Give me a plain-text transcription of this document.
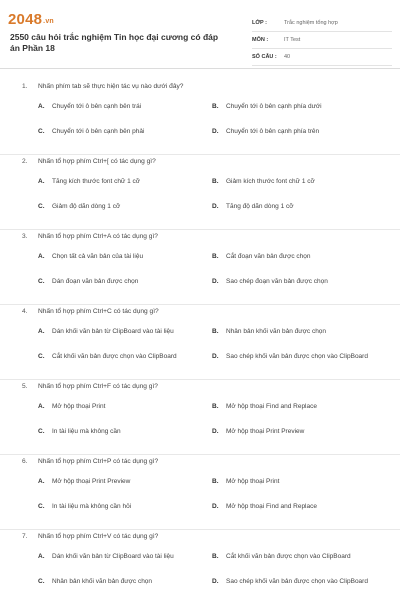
2048.vn
2550 câu hỏi trắc nghiệm Tin học đại cương có đáp án Phần 18
LỚP :	Trắc nghiệm tổng hợp
MÔN :	IT Test
SỐ CÂU :	40
1. Nhấn phím tab sẽ thực hiện tác vụ nào dưới đây?
A.	Chuyển tới ô bên cạnh bên trái	B.	Chuyển tới ô bên cạnh phía dưới
C.	Chuyển tới ô bên cạnh bên phải	D.	Chuyển tới ô bên cạnh phía trên
2. Nhấn tổ hợp phím Ctrl+[ có tác dụng gì?
A.	Tăng kích thước font chữ 1 cỡ	B.	Giảm kích thước font chữ 1 cỡ
C.	Giảm độ dãn dòng 1 cỡ	D.	Tăng độ dãn dòng 1 cỡ
3. Nhấn tổ hợp phím Ctrl+A có tác dụng gì?
A.	Chọn tất cả văn bản của tài liệu	B.	Cắt đoạn văn bản được chọn
C.	Dán đoạn văn bản được chọn	D.	Sao chép đoạn văn bản được chọn
4. Nhấn tổ hợp phím Ctrl+C có tác dụng gì?
A.	Dán khối văn bản từ ClipBoard vào tài liệu	B.	Nhân bản khối văn bản được chọn
C.	Cắt khối văn bản được chọn vào ClipBoard	D.	Sao chép khối văn bản được chọn vào ClipBoard
5. Nhấn tổ hợp phím Ctrl+F có tác dụng gì?
A.	Mở hộp thoại Print	B.	Mở hộp thoại Find and Replace
C.	In tài liệu mà không cần	D.	Mở hộp thoại Print Preview
6. Nhấn tổ hợp phím Ctrl+P có tác dụng gì?
A.	Mở hộp thoại Print Preview	B.	Mở hộp thoại Print
C.	In tài liệu mà không cần hỏi	D.	Mở hộp thoại Find and Replace
7. Nhấn tổ hợp phím Ctrl+V có tác dụng gì?
A.	Dán khối văn bản từ ClipBoard vào tài liệu	B.	Cắt khối văn bản được chọn vào ClipBoard
C.	Nhân bản khối văn bản được chọn	D.	Sao chép khối văn bản được chọn vào ClipBoard
